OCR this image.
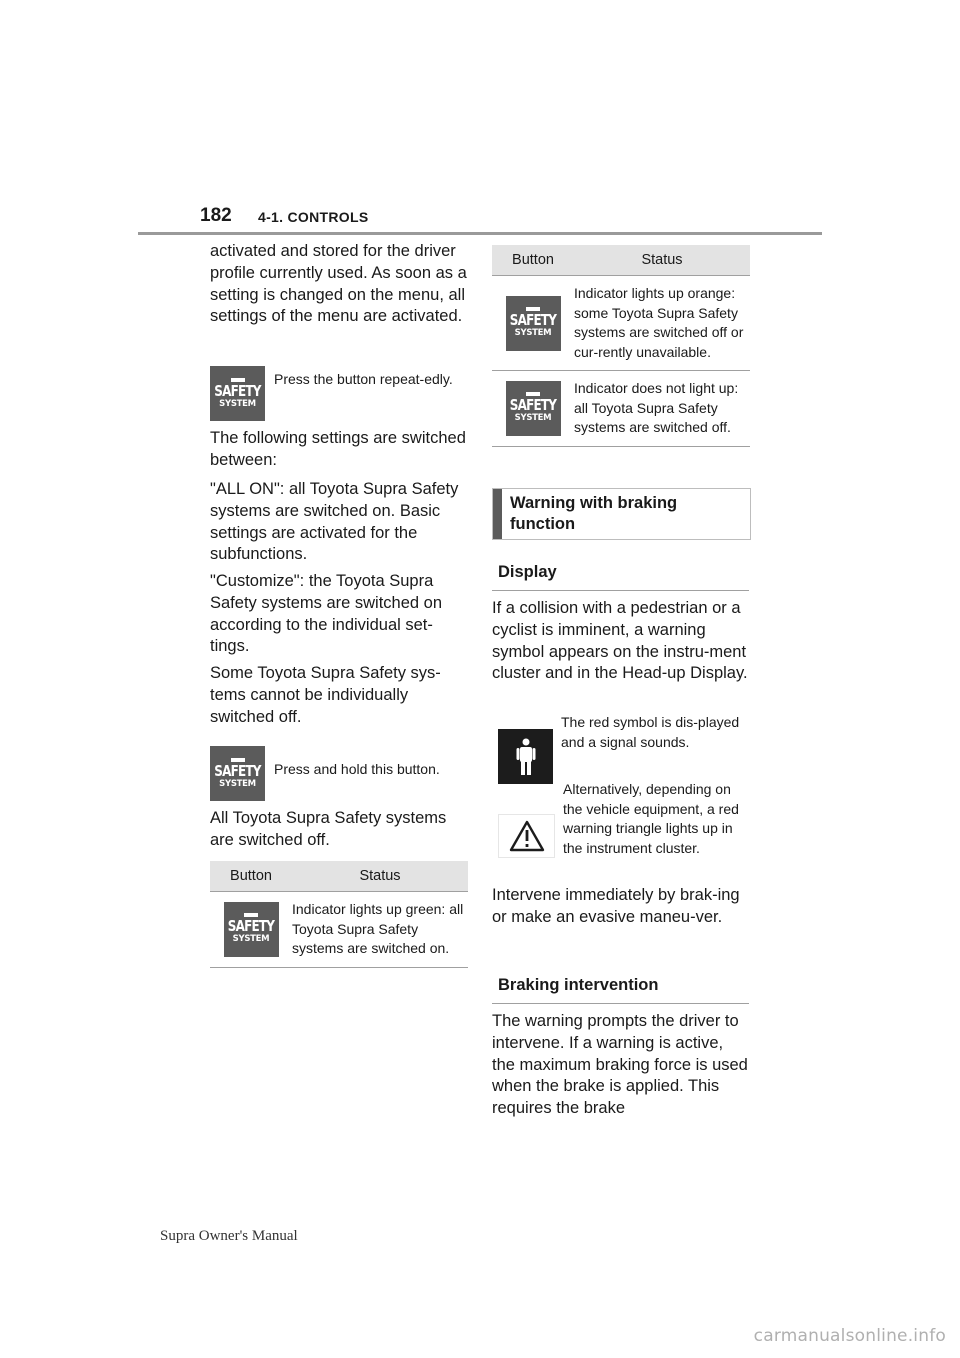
182 4-1. CONTROLS

activated and stored for the driver profile currently used. As soon as a setting is changed on the menu, all settings of the menu are activated.

SAFETY
SYSTEM
Press the button repeat-edly.

The following settings are switched between:

"ALL ON": all Toyota Supra Safety systems are switched on. Basic settings are activated for the subfunctions.

"Customize": the Toyota Supra Safety systems are switched on according to the individual set-tings.

Some Toyota Supra Safety sys-tems cannot be individually switched off.

SAFETY
SYSTEM
Press and hold this button.

All Toyota Supra Safety systems are switched off.

Button	Status

SAFETY
SYSTEM	Indicator lights up green: all Toyota Supra Safety systems are switched on.
Button	Status

SAFETY
SYSTEM	Indicator lights up orange: some Toyota Supra Safety systems are switched off or cur-rently unavailable.

SAFETY
SYSTEM	Indicator does not light up: all Toyota Supra Safety systems are switched off.
Warning with braking function
Display

If a collision with a pedestrian or a cyclist is imminent, a warning symbol appears on the instru-ment cluster and in the Head-up Display.

The red symbol is dis-played and a signal sounds.
Alternatively, depending on the vehicle equipment, a red warning triangle lights up in the instrument cluster.

Intervene immediately by brak-ing or make an evasive maneu-ver.

Braking intervention

The warning prompts the driver to intervene. If a warning is active, the maximum braking force is used when the brake is applied. This requires the brake

Supra Owner's Manual
carmanualsonline.info
